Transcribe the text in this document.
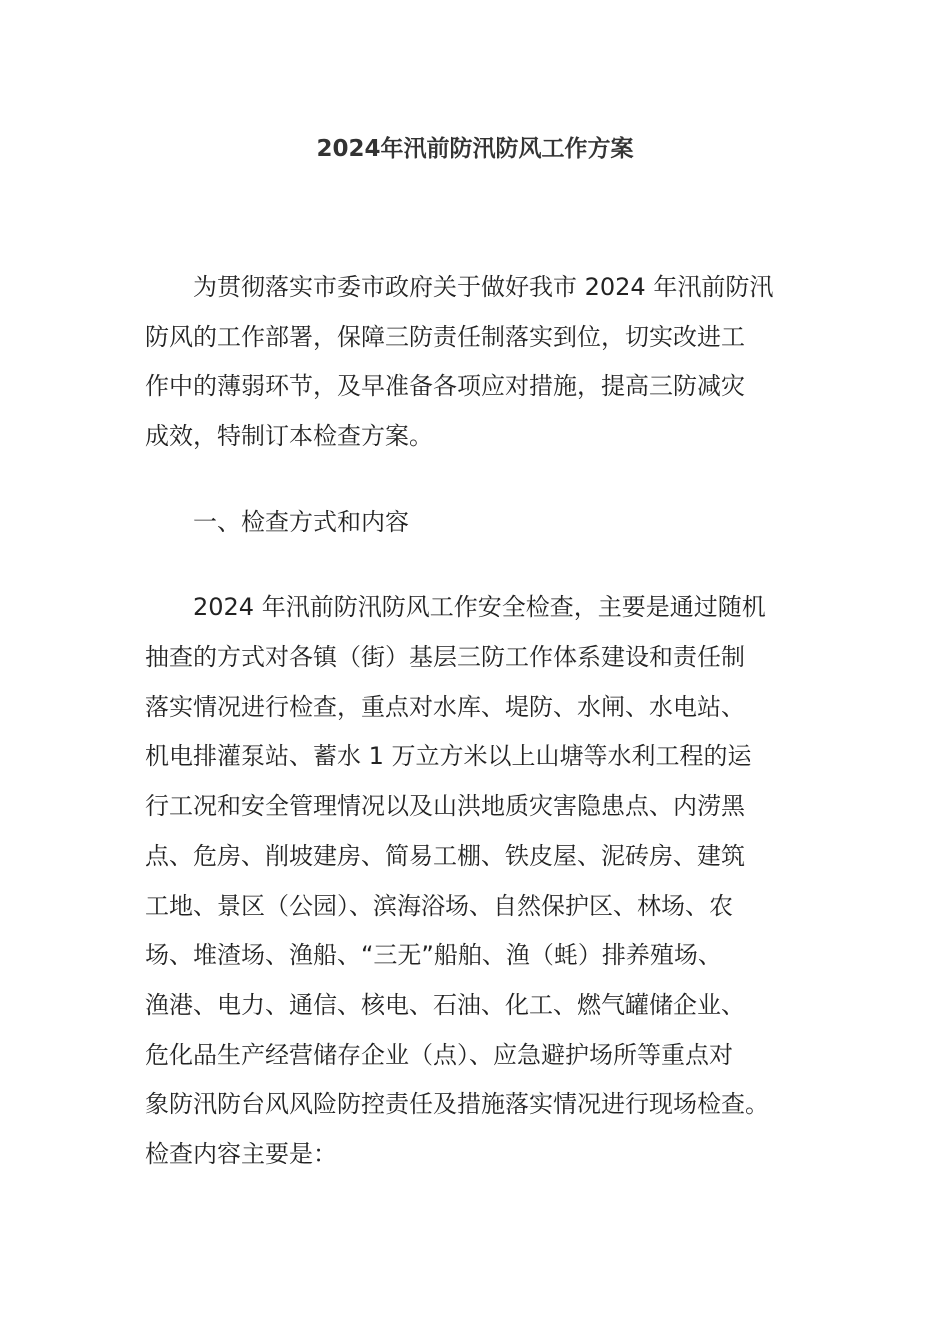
2024年汛前防汛防风工作方案

为贯彻落实市委市政府关于做好我市 2024 年汛前防汛

防风的工作部署，保障三防责任制落实到位，切实改进工

作中的薄弱环节，及早准备各项应对措施，提高三防减灾

成效，特制订本检查方案。

一、检查方式和内容

2024 年汛前防汛防风工作安全检查，主要是通过随机

抽查的方式对各镇（街）基层三防工作体系建设和责任制

落实情况进行检查，重点对水库、堤防、水闸、水电站、

机电排灌泵站、蓄水 1 万立方米以上山塘等水利工程的运

行工况和安全管理情况以及山洪地质灾害隐患点、内涝黑

点、危房、削坡建房、简易工棚、铁皮屋、泥砖房、建筑

工地、景区（公园）、滨海浴场、自然保护区、林场、农

场、堆渣场、渔船、“三无”船舶、渔（蚝）排养殖场、

渔港、电力、通信、核电、石油、化工、燃气罐储企业、

危化品生产经营储存企业（点）、应急避护场所等重点对

象防汛防台风风险防控责任及措施落实情况进行现场检查。

检查内容主要是：
